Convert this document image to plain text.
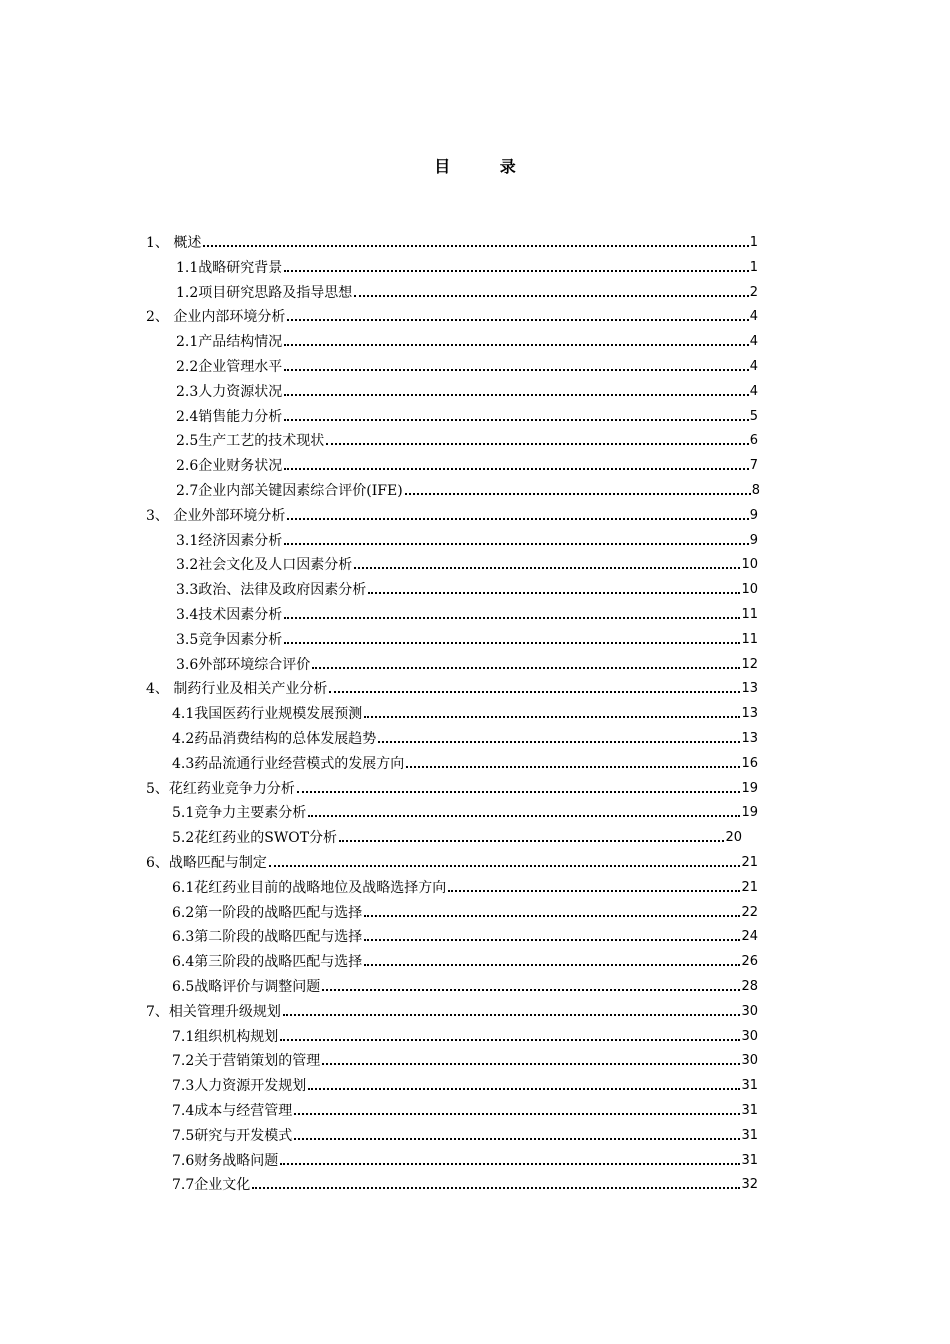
目 录
1、 概述	1
1.1战略研究背景	1
1.2项目研究思路及指导思想	2
2、 企业内部环境分析	4
2.1产品结构情况	4
2.2企业管理水平	4
2.3人力资源状况	4
2.4销售能力分析	5
2.5生产工艺的技术现状	6
2.6企业财务状况	7
2.7企业内部关键因素综合评价(IFE)	8
3、 企业外部环境分析	9
3.1经济因素分析	9
3.2社会文化及人口因素分析	10
3.3政治、法律及政府因素分析	10
3.4技术因素分析	11
3.5竞争因素分析	11
3.6外部环境综合评价	12
4、 制药行业及相关产业分析	13
4.1我国医药行业规模发展预测	13
4.2药品消费结构的总体发展趋势	13
4.3药品流通行业经营模式的发展方向	16
5、花红药业竞争力分析	19
5.1竞争力主要素分析	19
5.2花红药业的SWOT分析	20
6、战略匹配与制定	21
6.1花红药业目前的战略地位及战略选择方向	21
6.2第一阶段的战略匹配与选择	22
6.3第二阶段的战略匹配与选择	24
6.4第三阶段的战略匹配与选择	26
6.5战略评价与调整问题	28
7、相关管理升级规划	30
7.1组织机构规划	30
7.2关于营销策划的管理	30
7.3人力资源开发规划	31
7.4成本与经营管理	31
7.5研究与开发模式	31
7.6财务战略问题	31
7.7企业文化	32
